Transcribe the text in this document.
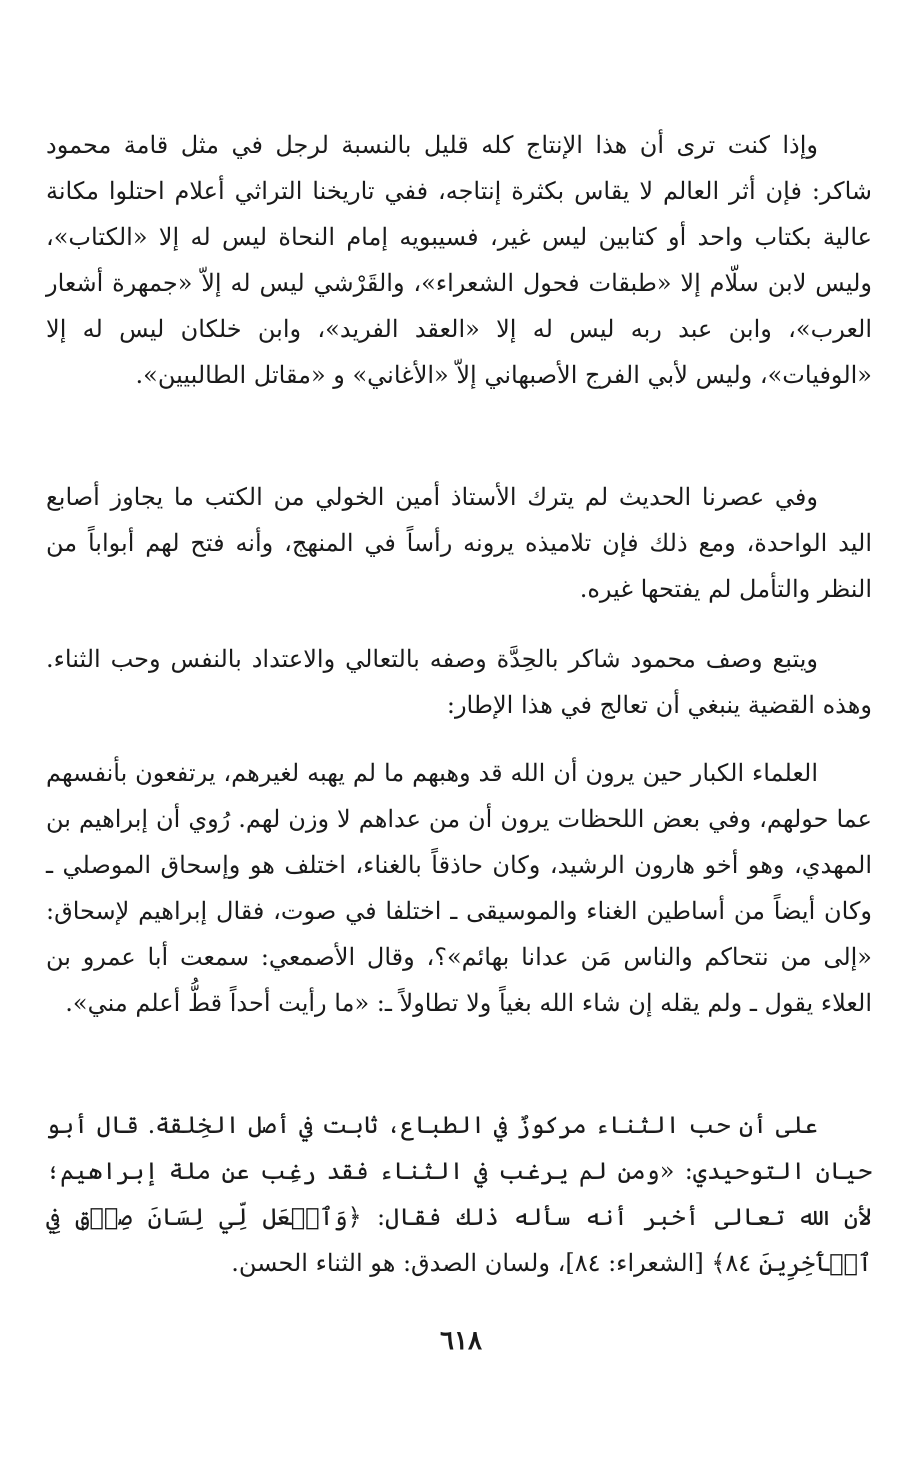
وإذا كنت ترى أن هذا الإنتاج كله قليل بالنسبة لرجل في مثل قامة محمود شاكر: فإن أثر العالم لا يقاس بكثرة إنتاجه، ففي تاريخنا التراثي أعلام احتلوا مكانة عالية بكتاب واحد أو كتابين ليس غير، فسيبويه إمام النحاة ليس له إلا «الكتاب»، وليس لابن سلّام إلا «طبقات فحول الشعراء»، والقَرْشي ليس له إلاّ «جمهرة أشعار العرب»، وابن عبد ربه ليس له إلا «العقد الفريد»، وابن خلكان ليس له إلا «الوفيات»، وليس لأبي الفرج الأصبهاني إلاّ «الأغاني» و «مقاتل الطالبيين».

وفي عصرنا الحديث لم يترك الأستاذ أمين الخولي من الكتب ما يجاوز أصابع اليد الواحدة، ومع ذلك فإن تلاميذه يرونه رأساً في المنهج، وأنه فتح لهم أبواباً من النظر والتأمل لم يفتحها غيره.

ويتبع وصف محمود شاكر بالحِدَّة وصفه بالتعالي والاعتداد بالنفس وحب الثناء. وهذه القضية ينبغي أن تعالج في هذا الإطار:

العلماء الكبار حين يرون أن الله قد وهبهم ما لم يهبه لغيرهم، يرتفعون بأنفسهم عما حولهم، وفي بعض اللحظات يرون أن من عداهم لا وزن لهم. رُوي أن إبراهيم بن المهدي، وهو أخو هارون الرشيد، وكان حاذقاً بالغناء، اختلف هو وإسحاق الموصلي ـ وكان أيضاً من أساطين الغناء والموسيقى ـ اختلفا في صوت، فقال إبراهيم لإسحاق: «إلى من نتحاكم والناس مَن عدانا بهائم»؟، وقال الأصمعي: سمعت أبا عمرو بن العلاء يقول ـ ولم يقله إن شاء الله بغياً ولا تطاولاً ـ: «ما رأيت أحداً قطُّ أعلم مني».

على أن حب الثناء مركوزٌ في الطباع، ثابت في أصل الخِلقة. قال أبو حيان التوحيدي: «ومن لم يرغب في الثناء فقد رغِب عن ملة إبراهيم؛ لأن الله تعالى أخبر أنه سأله ذلك فقال: ﴿وَٱجۡعَل لِّي لِسَانَ صِدۡقٖ فِي ٱلۡأٓخِرِينَ ٨٤﴾ [الشعراء: ٨٤]، ولسان الصدق: هو الثناء الحسن.

٦١٨
